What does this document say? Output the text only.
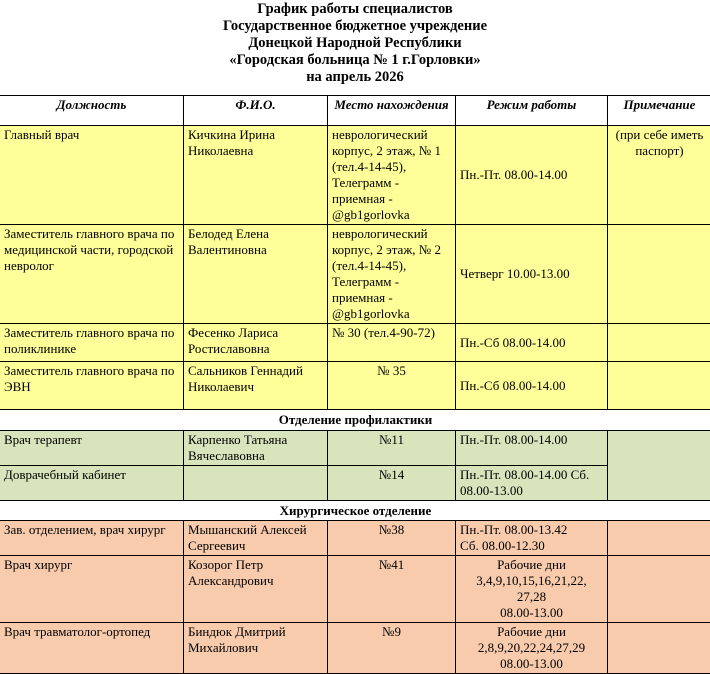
График работы специалистов
Государственное бюджетное учреждение
Донецкой Народной Республики
«Городская больница № 1 г.Горловки»
на апрель 2026
Должность	Ф.И.О.	Место нахождения	Режим работы	Примечание
Главный врач	Кичкина Ирина Николаевна	неврологический корпус, 2 этаж, № 1 (тел.4-14-45), Телеграмм - приемная - @gb1gorlovka	Пн.-Пт. 08.00-14.00	(при себе иметь паспорт)
Заместитель главного врача по медицинской части, городской невролог	Белодед Елена Валентиновна	неврологический корпус, 2 этаж, № 2 (тел.4-14-45), Телеграмм - приемная - @gb1gorlovka	Четверг 10.00-13.00	
Заместитель главного врача по поликлинике	Фесенко Лариса Ростиславовна	№ 30 (тел.4-90-72)	Пн.-Сб 08.00-14.00	
Заместитель главного врача по ЭВН	Сальников Геннадий Николаевич	№ 35	Пн.-Сб 08.00-14.00	
Отделение профилактики				
Врач терапевт	Карпенко Татьяна Вячеславовна	№11	Пн.-Пт. 08.00-14.00	
Доврачебный кабинет		№14	Пн.-Пт. 08.00-14.00 Сб. 08.00-13.00	
Хирургическое отделение				
Зав. отделением, врач хирург	Мышанский Алексей Сергеевич	№38	Пн.-Пт. 08.00-13.42
Сб. 08.00-12.30	

Врач хирург	Козорог Петр Александрович	№41	Рабочие дни
3,4,9,10,15,16,21,22,
27,28
08.00-13.00	

Врач травматолог-ортопед	Биндюк Дмитрий Михайлович	№9	Рабочие дни
2,8,9,20,22,24,27,29
08.00-13.00	
